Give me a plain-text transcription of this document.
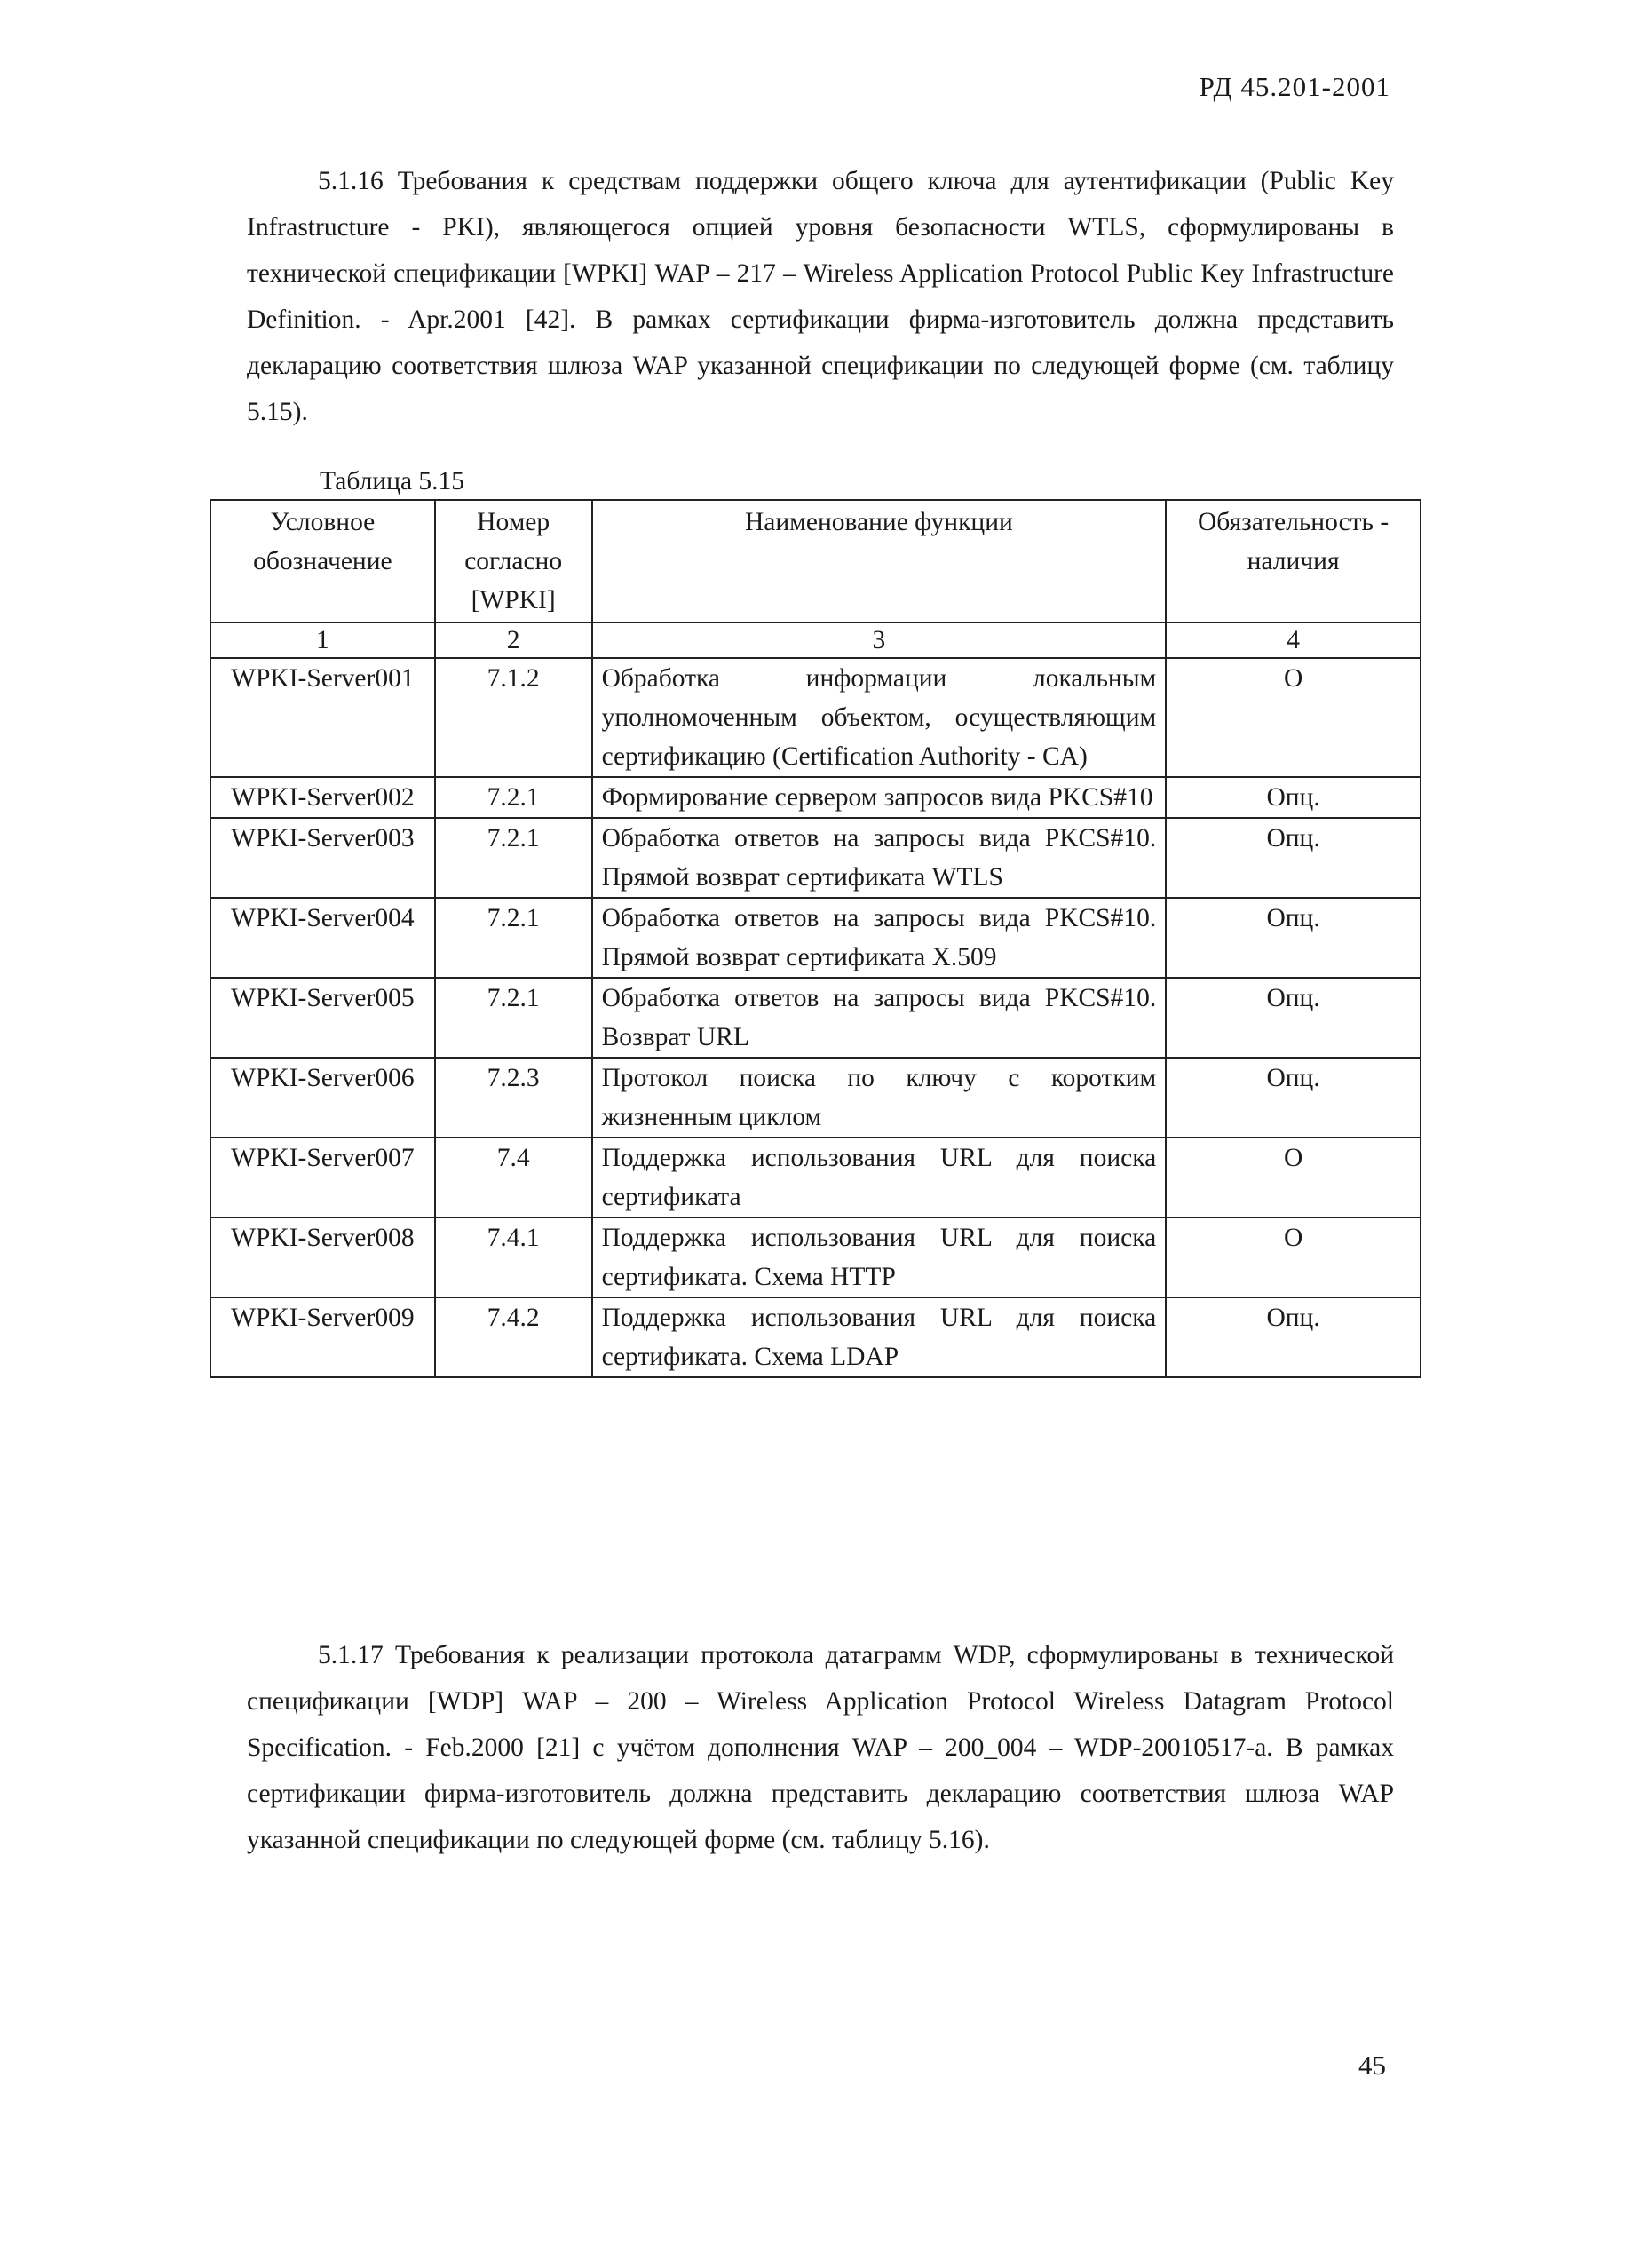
РД 45.201-2001

5.1.16 Требования к средствам поддержки общего ключа для аутентификации (Public Key Infrastructure - PKI), являющегося опцией уровня безопасности WTLS, сформулированы в технической спецификации [WPKI] WAP – 217 – Wireless Application Protocol Public Key Infrastructure Definition. - Apr.2001 [42]. В рамках сертификации фирма-изготовитель должна представить декларацию соответствия шлюза WAP указанной спецификации по следующей форме (см. таблицу 5.15).

Таблица 5.15
Условное обозначение	Номер согласно [WPKI]	Наименование функции	Обязательность - наличия
1	2	3	4
WPKI-Server001	7.1.2	Обработка информации локальным уполномоченным объектом, осуществляющим сертификацию (Certification Authority - CA)	O
WPKI-Server002	7.2.1	Формирование сервером запросов вида PKCS#10	Опц.
WPKI-Server003	7.2.1	Обработка ответов на запросы вида PKCS#10. Прямой возврат сертификата WTLS	Опц.
WPKI-Server004	7.2.1	Обработка ответов на запросы вида PKCS#10. Прямой возврат сертификата X.509	Опц.
WPKI-Server005	7.2.1	Обработка ответов на запросы вида PKCS#10. Возврат URL	Опц.
WPKI-Server006	7.2.3	Протокол поиска по ключу с коротким жизненным циклом	Опц.
WPKI-Server007	7.4	Поддержка использования URL для поиска сертификата	O
WPKI-Server008	7.4.1	Поддержка использования URL для поиска сертификата. Схема HTTP	O
WPKI-Server009	7.4.2	Поддержка использования URL для поиска сертификата. Схема LDAP	Опц.

5.1.17 Требования к реализации протокола датаграмм WDP, сформулированы в технической спецификации [WDP] WAP – 200 – Wireless Application Protocol Wireless Datagram Protocol Specification. - Feb.2000 [21] с учётом дополнения WAP – 200_004 – WDP-20010517-a. В рамках сертификации фирма-изготовитель должна представить декларацию соответствия шлюза WAP указанной спецификации по следующей форме (см. таблицу 5.16).

45
